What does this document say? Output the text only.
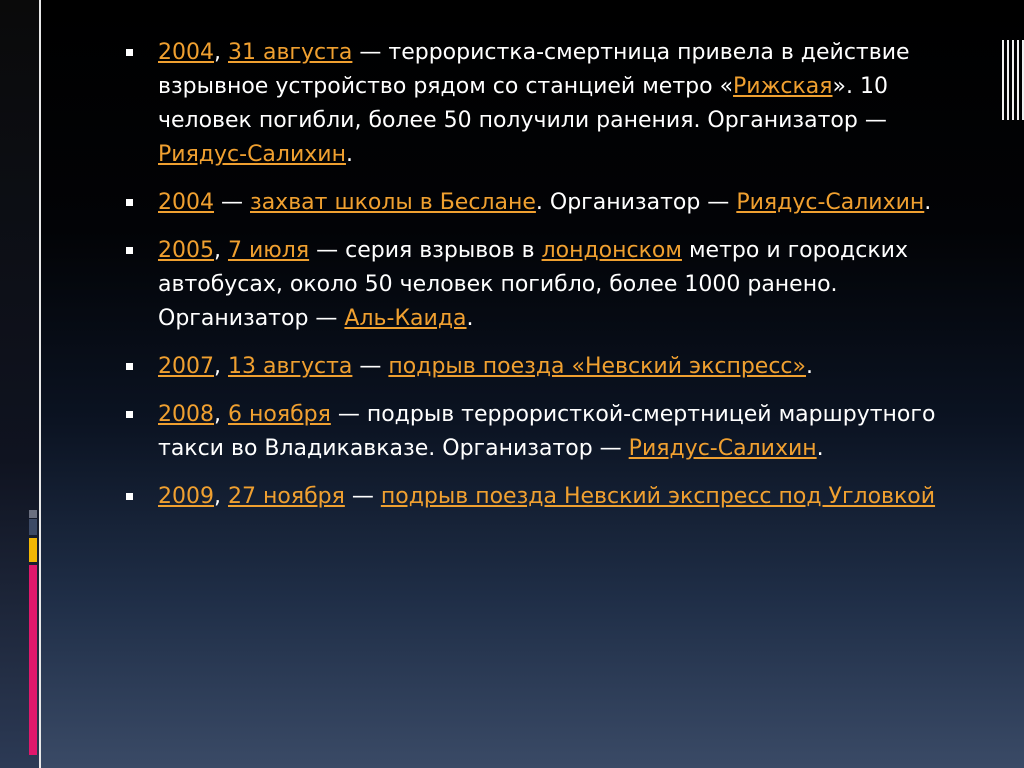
2004, 31 августа — террористка-смертница привела в действие взрывное устройство рядом со станцией метро «Рижская». 10 человек погибли, более 50 получили ранения. Организатор — Риядус-Салихин.
2004 — захват школы в Беслане. Организатор — Риядус-Салихин.
2005, 7 июля — серия взрывов в лондонском метро и городских автобусах, около 50 человек погибло, более 1000 ранено. Организатор — Аль-Каида.
2007, 13 августа — подрыв поезда «Невский экспресс».
2008, 6 ноября — подрыв террористкой-смертницей маршрутного такси во Владикавказе. Организатор — Риядус-Салихин.
2009, 27 ноября — подрыв поезда Невский экспресс под Угловкой
